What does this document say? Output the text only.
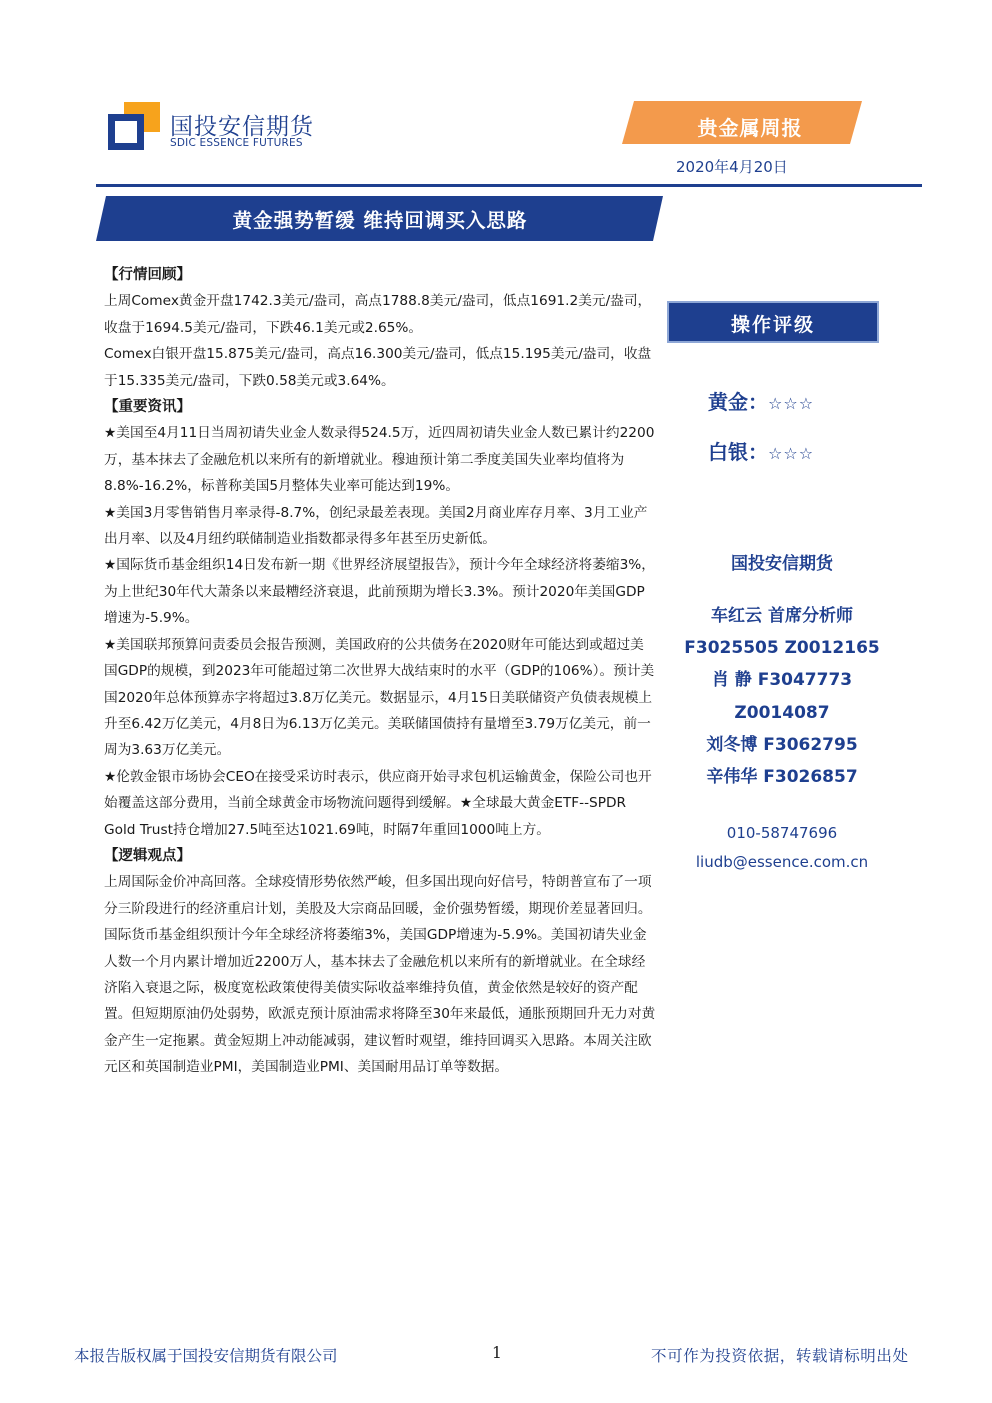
国投安信期货
SDIC ESSENCE FUTURES
贵金属周报
2020年4月20日
黄金强势暂缓 维持回调买入思路

【行情回顾】

上周Comex黄金开盘1742.3美元/盎司，高点1788.8美元/盎司，低点1691.2美元/盎司，收盘于1694.5美元/盎司，下跌46.1美元或2.65%。

Comex白银开盘15.875美元/盎司，高点16.300美元/盎司，低点15.195美元/盎司，收盘于15.335美元/盎司，下跌0.58美元或3.64%。

【重要资讯】

★美国至4月11日当周初请失业金人数录得524.5万，近四周初请失业金人数已累计约2200万，基本抹去了金融危机以来所有的新增就业。穆迪预计第二季度美国失业率均值将为8.8%-16.2%，标普称美国5月整体失业率可能达到19%。

★美国3月零售销售月率录得-8.7%，创纪录最差表现。美国2月商业库存月率、3月工业产出月率、以及4月纽约联储制造业指数都录得多年甚至历史新低。

★国际货币基金组织14日发布新一期《世界经济展望报告》，预计今年全球经济将萎缩3%，为上世纪30年代大萧条以来最糟经济衰退，此前预期为增长3.3%。预计2020年美国GDP增速为-5.9%。

★美国联邦预算问责委员会报告预测，美国政府的公共债务在2020财年可能达到或超过美国GDP的规模，到2023年可能超过第二次世界大战结束时的水平（GDP的106%）。预计美国2020年总体预算赤字将超过3.8万亿美元。数据显示，4月15日美联储资产负债表规模上升至6.42万亿美元，4月8日为6.13万亿美元。美联储国债持有量增至3.79万亿美元，前一周为3.63万亿美元。

★伦敦金银市场协会CEO在接受采访时表示，供应商开始寻求包机运输黄金，保险公司也开始覆盖这部分费用，当前全球黄金市场物流问题得到缓解。★全球最大黄金ETF--SPDR Gold Trust持仓增加27.5吨至达1021.69吨，时隔7年重回1000吨上方。

【逻辑观点】

上周国际金价冲高回落。全球疫情形势依然严峻，但多国出现向好信号，特朗普宣布了一项分三阶段进行的经济重启计划，美股及大宗商品回暖，金价强势暂缓，期现价差显著回归。国际货币基金组织预计今年全球经济将萎缩3%，美国GDP增速为-5.9%。美国初请失业金人数一个月内累计增加近2200万人，基本抹去了金融危机以来所有的新增就业。在全球经济陷入衰退之际，极度宽松政策使得美债实际收益率维持负值，黄金依然是较好的资产配置。但短期原油仍处弱势，欧派克预计原油需求将降至30年来最低，通胀预期回升无力对黄金产生一定拖累。黄金短期上冲动能减弱，建议暂时观望，维持回调买入思路。本周关注欧元区和英国制造业PMI，美国制造业PMI、美国耐用品订单等数据。

操作评级
黄金：☆☆☆
白银：☆☆☆
国投安信期货
车红云 首席分析师
F3025505 Z0012165
肖 静 F3047773
Z0014087
刘冬博 F3062795
辛伟华 F3026857
010-58747696
liudb@essence.com.cn
本报告版权属于国投安信期货有限公司	1	不可作为投资依据，转载请标明出处
